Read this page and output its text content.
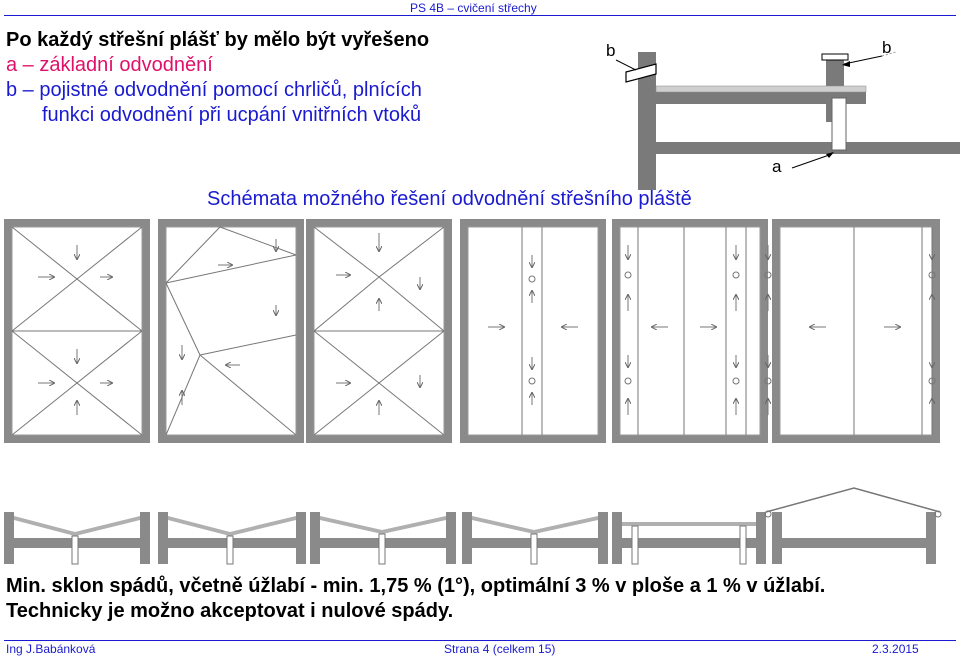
PS 4B – cvičení střechy
Po každý střešní plášť by mělo být vyřešeno
a – základní odvodnění
b – pojistné odvodnění pomocí chrličů, plnících
funkci odvodnění při ucpání vnitřních vtoků
b	b
a
Schémata možného řešení odvodnění střešního pláště
Min. sklon spádů, včetně úžlabí - min. 1,75 % (1°), optimální 3 % v ploše a 1 % v úžlabí.
Technicky je možno akceptovat i nulové spády.
Ing J.Babánková	Strana 4 (celkem 15)	2.3.2015
